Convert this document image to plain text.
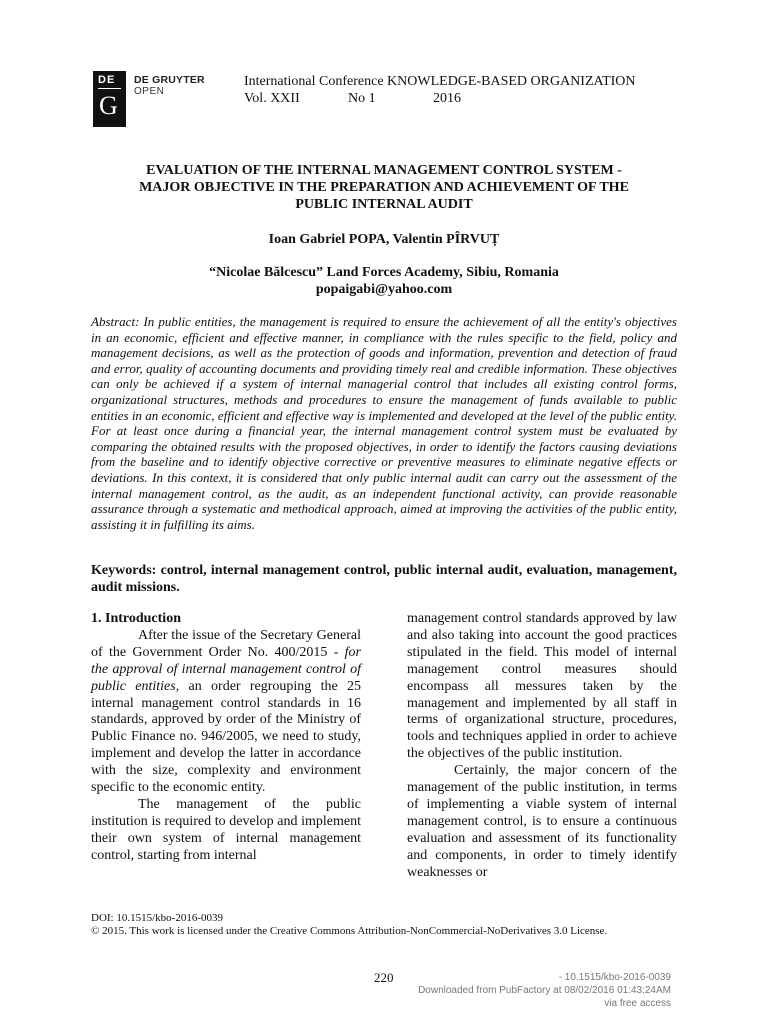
DE
G
DE GRUYTER
OPEN
International Conference KNOWLEDGE-BASED ORGANIZATION
Vol. XXII	No 1	2016
EVALUATION OF THE INTERNAL MANAGEMENT CONTROL SYSTEM -
MAJOR OBJECTIVE IN THE PREPARATION AND ACHIEVEMENT OF THE
PUBLIC INTERNAL AUDIT
Ioan Gabriel POPA, Valentin PÎRVUȚ
“Nicolae Bălcescu” Land Forces Academy, Sibiu, Romania
popaigabi@yahoo.com
Abstract: In public entities, the management is required to ensure the achievement of all the entity's objectives in an economic, efficient and effective manner, in compliance with the rules specific to the field, policy and management decisions, as well as the protection of goods and information, prevention and detection of fraud and error, quality of accounting documents and providing timely real and credible information. These objectives can only be achieved if a system of internal managerial control that includes all existing control forms, organizational structures, methods and procedures to ensure the management of funds available to public entities in an economic, efficient and effective way is implemented and developed at the level of the public entity. For at least once during a financial year, the internal management control system must be evaluated by comparing the obtained results with the proposed objectives, in order to identify the factors causing deviations from the baseline and to identify objective corrective or preventive measures to eliminate negative effects or deviations. In this context, it is considered that only public internal audit can carry out the assessment of the internal management control, as the audit, as an independent functional activity, can provide reasonable assurance through a systematic and methodical approach, aimed at improving the activities of the public entity, assisting it in fulfilling its aims.
Keywords: control, internal management control, public internal audit, evaluation, management, audit missions.

1. Introduction

After the issue of the Secretary General of the Government Order No. 400/2015 - for the approval of internal management control of public entities, an order regrouping the 25 internal management control standards in 16 standards, approved by order of the Ministry of Public Finance no. 946/2005, we need to study, implement and develop the latter in accordance with the size, complexity and environment specific to the economic entity.

The management of the public institution is required to develop and implement their own system of internal management control, starting from internal

management control standards approved by law and also taking into account the good practices stipulated in the field. This model of internal management control measures should encompass all messures taken by the management and implemented by all staff in terms of organizational structure, procedures, tools and techniques applied in order to achieve the objectives of the public institution.

Certainly, the major concern of the management of the public institution, in terms of implementing a viable system of internal management control, is to ensure a continuous evaluation and assessment of its functionality and components, in order to timely identify weaknesses or

DOI: 10.1515/kbo-2016-0039
© 2015. This work is licensed under the Creative Commons Attribution-NonCommercial-NoDerivatives 3.0 License.
220	- 10.1515/kbo-2016-0039
Downloaded from PubFactory at 08/02/2016 01:43:24AM
via free access
